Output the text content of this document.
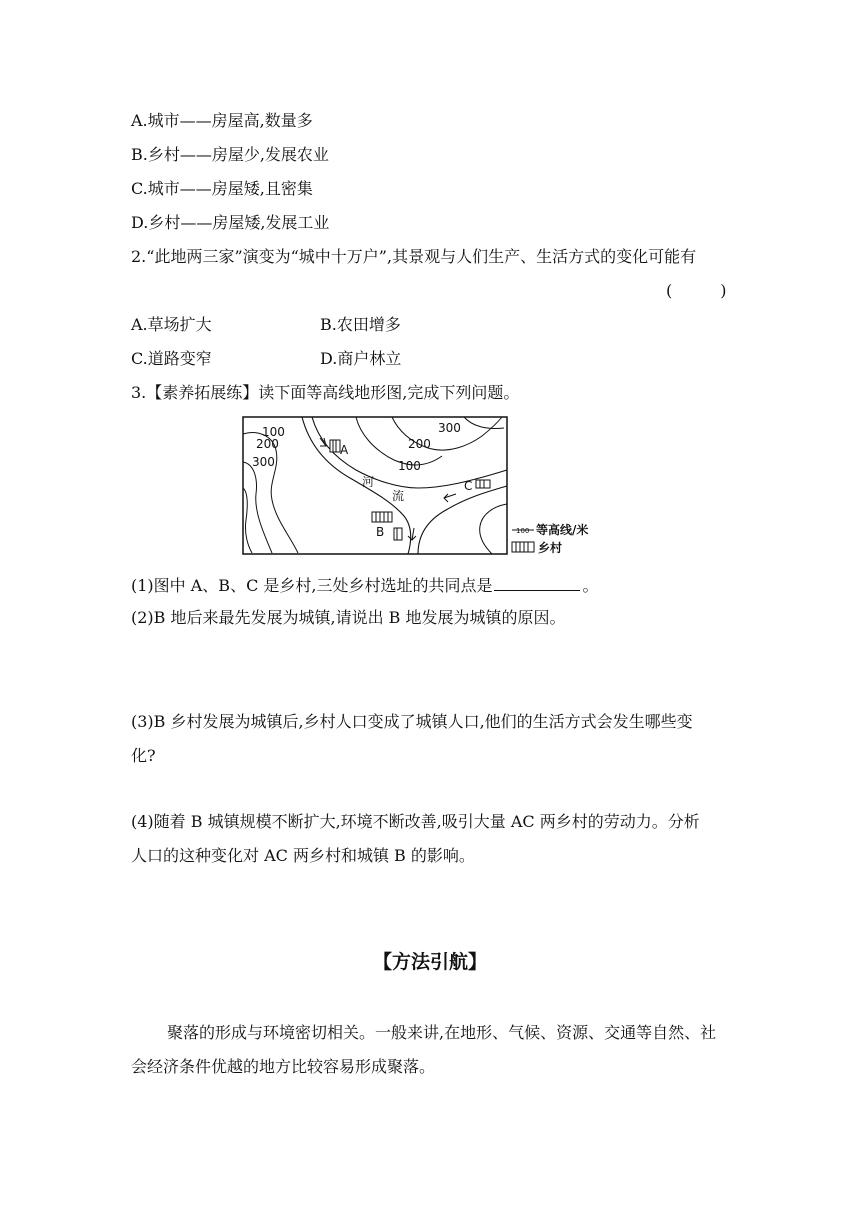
A.城市——房屋高,数量多
B.乡村——房屋少,发展农业
C.城市——房屋矮,且密集
D.乡村——房屋矮,发展工业
2.“此地两三家”演变为“城中十万户”,其景观与人们生产、生活方式的变化可能有
(　　　)
A.草场扩大	B.农田增多
C.道路变窄	D.商户林立
3.【素养拓展练】读下面等高线地形图,完成下列问题。
100
200
300
300
200
100
A
B
C
河
流
100 等高线/米
乡村
(1)图中 A、B、C 是乡村,三处乡村选址的共同点是	。
(2)B 地后来最先发展为城镇,请说出 B 地发展为城镇的原因。
(3)B 乡村发展为城镇后,乡村人口变成了城镇人口,他们的生活方式会发生哪些变
化?
(4)随着 B 城镇规模不断扩大,环境不断改善,吸引大量 AC 两乡村的劳动力。分析
人口的这种变化对 AC 两乡村和城镇 B 的影响。
【方法引航】
聚落的形成与环境密切相关。一般来讲,在地形、气候、资源、交通等自然、社会经济条件优越的地方比较容易形成聚落。
